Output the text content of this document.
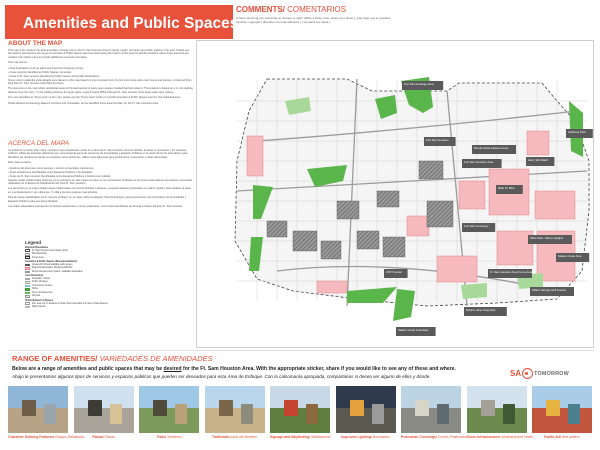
Amenities and Public Spaces
COMMENTS/ COMENTARIOS
Is there anything you would like to change or add? (Write a sticky note, share your ideas.) ¿Hay algo que le gustaría cambiar o agregar? (Escriba una nota adhesiva y comparta sus ideas.)
ABOUT THE MAP
This map is the window into what amenities currently exist in the Ft. Sam Houston Area for family, health, recreation and public spaces in the area. Please use the stickers representing the range of Amenities & Public Spaces elements listed along the bottom of this board to identify locations where these elements are needed. Use sticker notes to provide additional comments and ideas.
This map shows:
• Area destinations such as parks and important shopping centers
• Areas currently identified as Public Spaces, Amenities
• Areas of Ft. Sam Houston identified as Public spaces and Quality Destinations
Some recent residential visits already were placed on this map based on input received from the first community-wide open house and surveys, conducted (from Rick Ikes) Ft. Sam Houston Area Planning Team.
The elements on the map reflect residential areas with limited access to parks open spaces (marked hatched pattern). This analysis is based on a ¼ mile walking distance from the entry, ½ mile walking distance for larger parks. Legend marks JBSA-FSH and Ft. Sam Houston show large-scale open spaces.
For more identified as "focus area" on the map, please use the "Focus Area" sticker to provide Amenities & Public Spaces input for that individual area.
Nodes labeled representing adjacent corridors and crosswalks, as the identified focus area boundary for the Ft. Sam Houston Area.
ACERCA DEL MAPA
Le invitamos a revisar este mapa, muestra lo que actualmente existe en el área de Ft. Sam Houston para las familias, la salud, la recreación y los espacios públicos. Utilice las etiquetas adhesivas que representan la gama de elementos de Amenidades y Espacios Públicos en la parte inferior de este tablero para identificar las ubicaciones donde se necesitan estos elementos. Utilice notas adhesivas para proporcionar comentarios e ideas adicionales.
Este mapa muestra:
• Destinos del área tales como parques y centros comerciales importantes
• Áreas actualmente identificadas como Espacios Públicos y Amenidades
• Áreas de Ft. Sam Houston identificadas como Espacios Públicos y Destinos de Calidad
Algunas visitas residenciales recientes ya se colocaron en este mapa con base en los comentarios recibidos en la primera casa abierta comunitaria y encuestas realizadas por el Equipo de Planificación del Área Ft. Sam Houston.
Los elementos en el mapa reflejan áreas residenciales con acceso limitado a parques y espacios abiertos (marcadas con patrón rayado). Este análisis se basa en una distancia de ¼ de milla a pie, ½ milla a pie para parques más grandes.
Para las áreas identificadas como "área de enfoque" en el mapa, utilice la etiqueta "Área de Enfoque" para proporcionar sus comentarios de Amenidades y Espacios Públicos para esa área individual.
Los nodos etiquetados representan corredores adyacentes y cruces peatonales, como límite identificado del área de enfoque del área Ft. Sam Houston.
Legend
Regional Boundaries
Ft. Sam Houston Area Study Limits
Plan Boundary
Focus Area
Amenities & Public Spaces (Recommendations)
Areas with limited walkable park access
Regional Destination Shopping Districts
Recommended open space / walkable destination
Land Ownership
Hospitals / Clinics
Public Libraries
Community Centers
Parks
Green Infrastructure
Schools
Public Network of Spaces
Fort area 1/4 mi distance to Park; Recommended 1/2 mile to Park distance
Major Streets
Fort Sam Heritage Area
Fort Sam Houston
Holbrook Park
Brooks Road Adjacent Area
Main St. Blvd
Harry Wurzbach
Fort Sam Houston Area
Witte Park / Alamo Heights
Salado Creek Area
Ft. Sam Houston Area Focus Area
Fort Sam Cemetery
AT&T Center
Willow Springs Golf Course
Martin Luther King Park
Salado Creek Greenway
RANGE OF AMENITIES/ VARIEDADES DE AMENIDADES
Below are a range of amenities and public spaces that may be desired for the Ft. Sam Houston Area. With the appropriate sticker, share if you would like to see any of these and where.
Abajo le presentamos algunos tipos de servicios y espacios públicos que pueden ser deseados para esta Área de Enfoque. Con la calcomanía apropiada, compártanos si desea ver alguno de ellos y dónde.	SA TOMORROW
Character Defining Features/ Rasgos Definitorios	Plazas/ Plazas	Trails/ Senderos	Trailheads/ Inicio de Sendero	Signage and Wayfinding/ Señalización	Improved Lighting/ Iluminación	Pedestrian Crossings/ Cruces Peatonales Green Infrastructure/ Infraestructura Verde	Public Art/ Arte público
